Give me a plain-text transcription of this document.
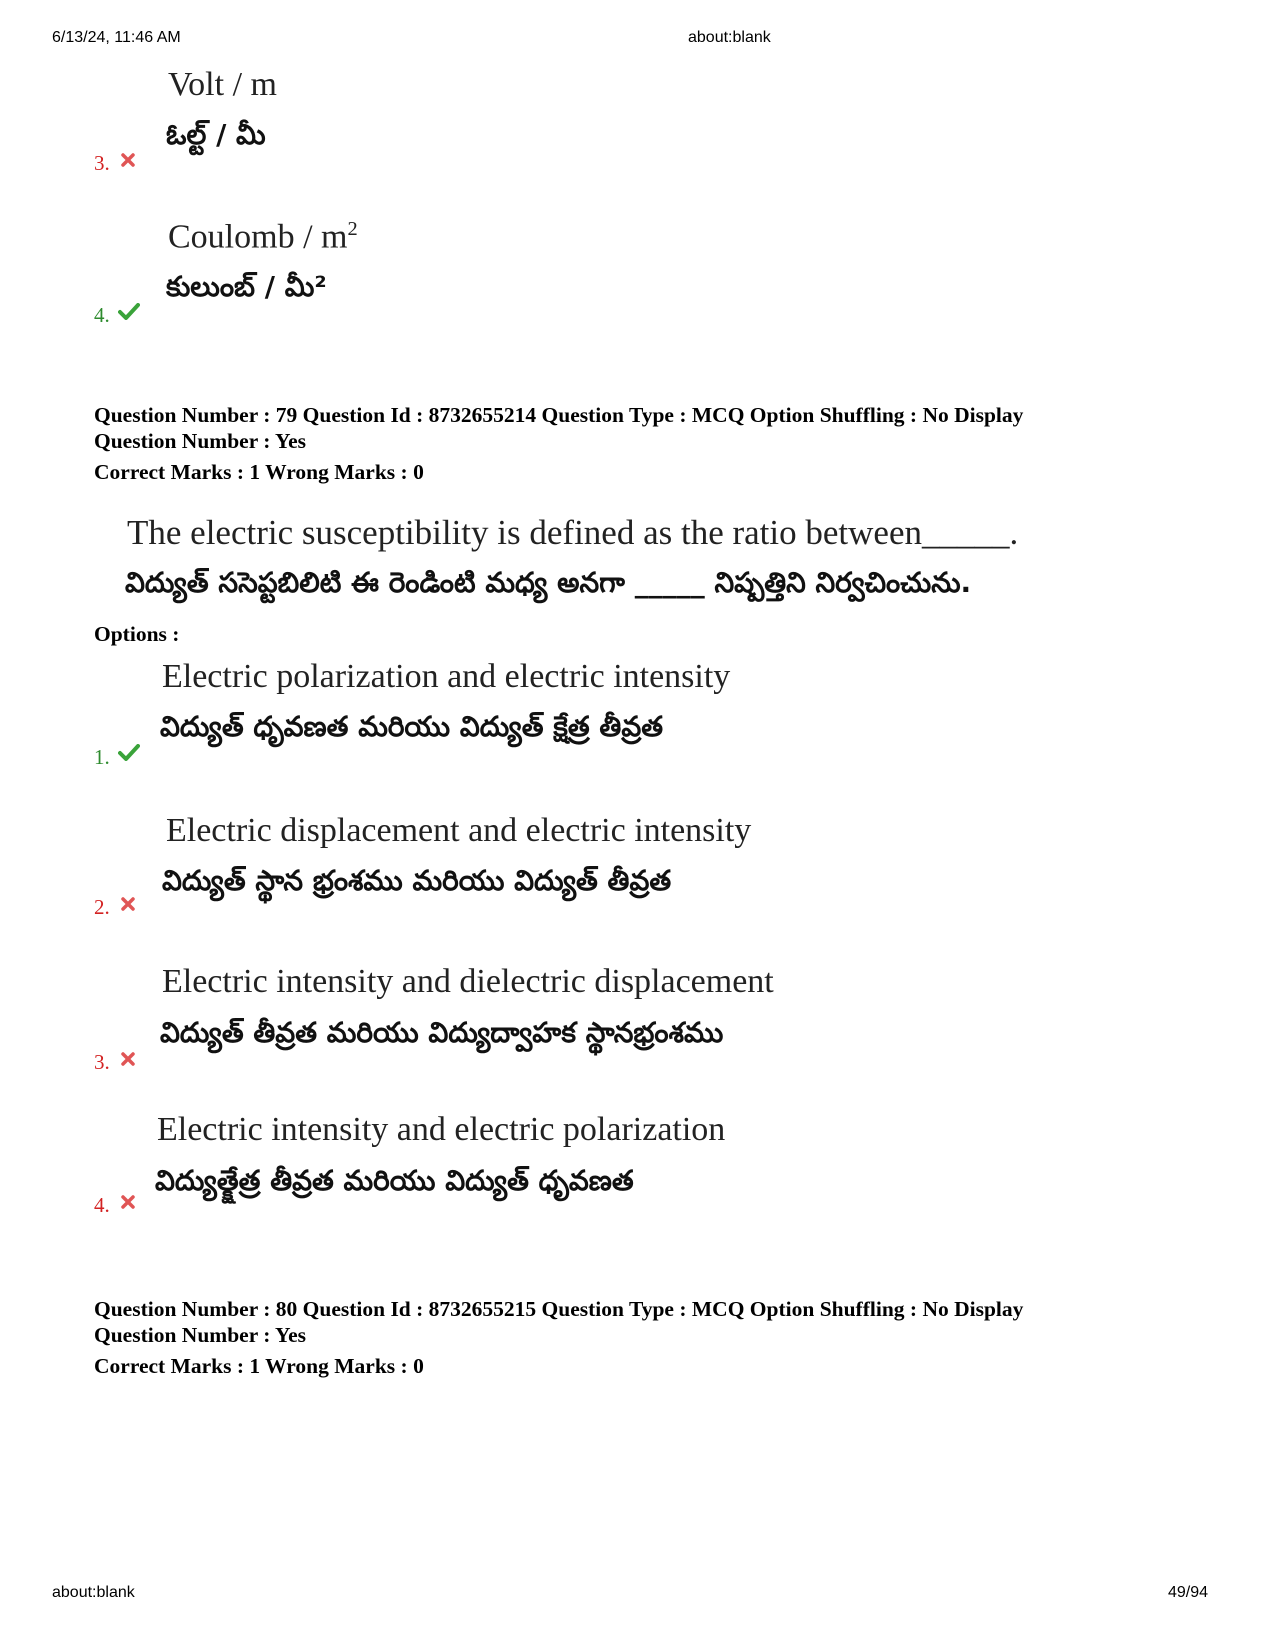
6/13/24, 11:46 AM	about:blank
Volt / m
ఓల్ట్ / మీ
3.
Coulomb / $m^2$
కులుంబ్ / మీ²
4.
Question Number : 79 Question Id : 8732655214 Question Type : MCQ Option Shuffling : No Display
Question Number : Yes
Correct Marks : 1 Wrong Marks : 0
The electric susceptibility is defined as the ratio between_____.
విద్యుత్ ససెప్టబిలిటి ఈ రెండింటి మధ్య అనగా _____ నిష్పత్తిని నిర్వచించును.
Options :
Electric polarization and electric intensity
విద్యుత్ ధృవణత మరియు విద్యుత్ క్షేత్ర తీవ్రత
1.
Electric displacement and electric intensity
విద్యుత్ స్థాన భ్రంశము మరియు విద్యుత్ తీవ్రత
2.
Electric intensity and dielectric displacement
విద్యుత్ తీవ్రత మరియు విద్యుద్వాహక స్థానభ్రంశము
3.
Electric intensity and electric polarization
విద్యుత్క్షేత్ర తీవ్రత మరియు విద్యుత్ ధృవణత
4.
Question Number : 80 Question Id : 8732655215 Question Type : MCQ Option Shuffling : No Display
Question Number : Yes
Correct Marks : 1 Wrong Marks : 0
about:blank	49/94
